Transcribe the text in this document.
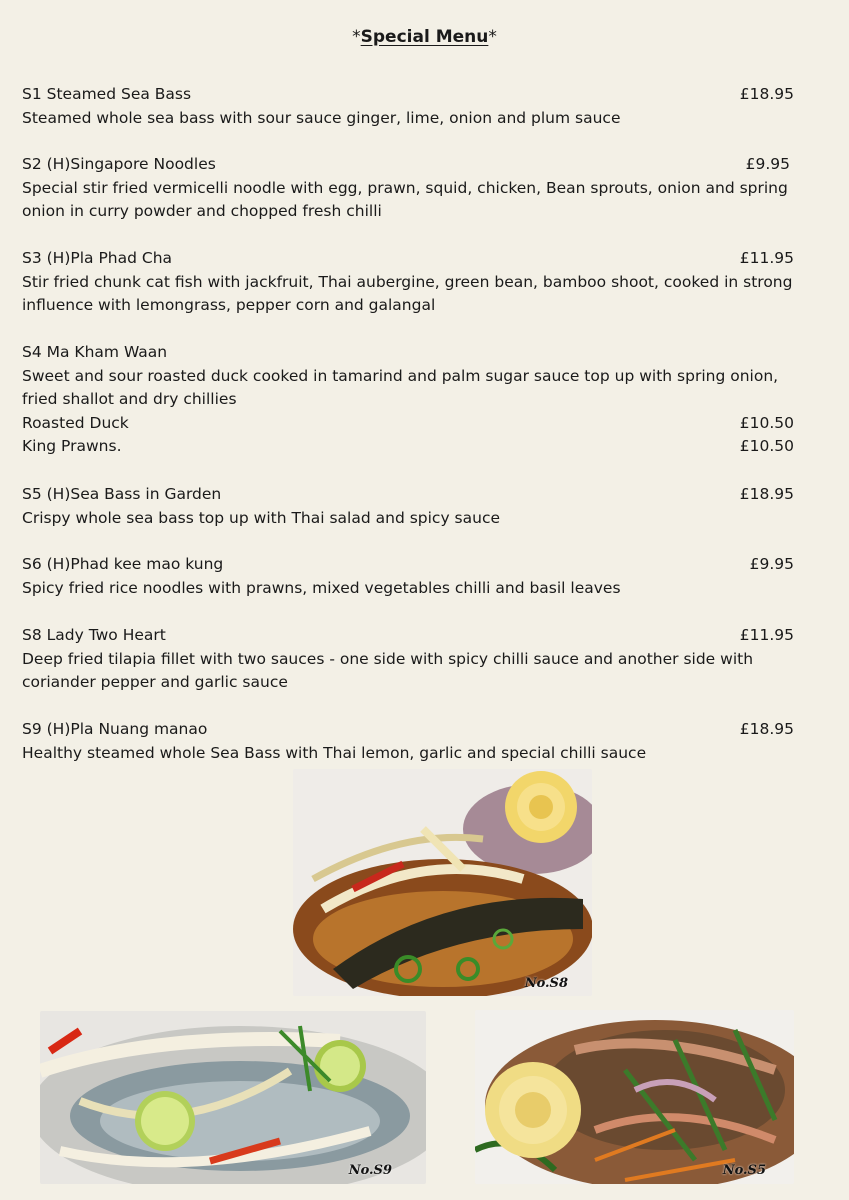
*Special Menu*
S1 Steamed Sea Bass	£18.95
Steamed whole sea bass with sour sauce ginger, lime, onion and plum sauce
S2 (H)Singapore Noodles	£9.95
Special stir fried vermicelli noodle with egg, prawn, squid, chicken, Bean sprouts, onion and spring onion in curry powder and chopped fresh chilli
S3 (H)Pla Phad Cha	£11.95
Stir fried chunk cat fish with jackfruit, Thai aubergine, green bean, bamboo shoot, cooked in strong influence with lemongrass, pepper corn and galangal
S4 Ma Kham Waan
Sweet and sour roasted duck cooked in tamarind and palm sugar sauce top up with spring onion, fried shallot and dry chillies
Roasted Duck	£10.50
King Prawns.	£10.50
S5 (H)Sea Bass in Garden	£18.95
Crispy whole sea bass top up with Thai salad and spicy sauce
S6 (H)Phad kee mao kung	£9.95
Spicy fried rice noodles with prawns, mixed vegetables chilli and basil leaves
S8 Lady Two Heart	£11.95
Deep fried tilapia fillet with two sauces - one side with spicy chilli sauce and another side with coriander pepper and garlic sauce
S9 (H)Pla Nuang manao	£18.95
Healthy steamed whole Sea Bass with Thai lemon, garlic and special chilli sauce
No.S8
No.S9	No.S5
